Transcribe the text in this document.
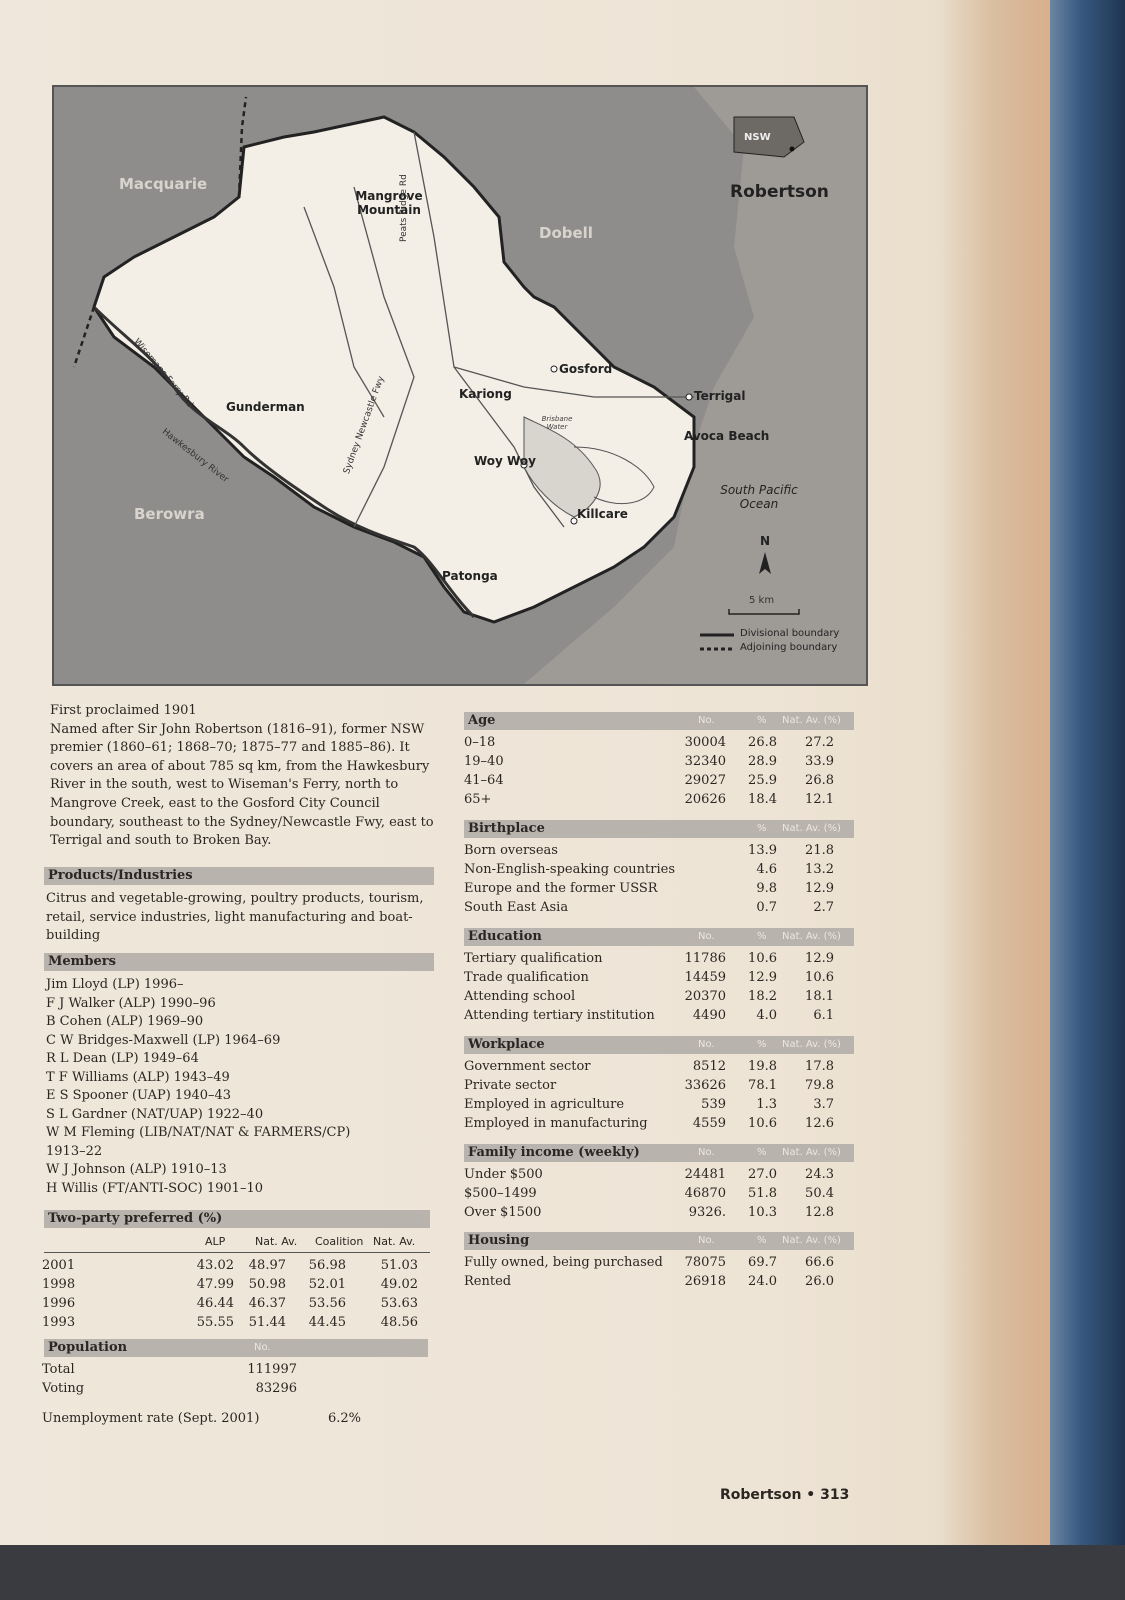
NSW
Robertson
Macquarie
Dobell
Berowra
Mangrove Mountain
Gosford
Kariong	Terrigal
Avoca Beach
Gunderman
Woy Woy
Killcare
Patonga
Peats Ridge Rd
Wisemans Ferry Rd
Hawkesbury River	Sydney Newcastle Fwy	Brisbane Water
South Pacific Ocean
N
5 km
Divisional boundary
Adjoining boundary

First proclaimed 1901

Named after Sir John Robertson (1816–91), former NSW premier (1860–61; 1868–70; 1875–77 and 1885–86). It covers an area of about 785 sq km, from the Hawkesbury River in the south, west to Wiseman's Ferry, north to Mangrove Creek, east to the Gosford City Council boundary, southeast to the Sydney/Newcastle Fwy, east to Terrigal and south to Broken Bay.

Products/Industries
Citrus and vegetable-growing, poultry products, tourism, retail, service industries, light manufacturing and boat-building
Members
Jim Lloyd (LP) 1996–
F J Walker (ALP) 1990–96
B Cohen (ALP) 1969–90
C W Bridges-Maxwell (LP) 1964–69
R L Dean (LP) 1949–64
T F Williams (ALP) 1943–49
E S Spooner (UAP) 1940–43
S L Gardner (NAT/UAP) 1922–40
W M Fleming (LIB/NAT/NAT & FARMERS/CP)
1913–22
W J Johnson (ALP) 1910–13
H Willis (FT/ANTI-SOC) 1901–10
Two-party preferred (%)
ALP	Nat. Av. Coalition Nat. Av.
2001	43.02 48.97 56.98	51.03
1998	47.99 50.98 52.01	49.02
1996	46.44 46.37 53.56	53.63
1993	55.55 51.44 44.45	48.56
Population	No.
Total	111997
Voting	83296
Unemployment rate (Sept. 2001)	6.2%
Age	No.	% Nat. Av. (%)
0–18	30004 26.8 27.2
19–40	32340 28.9 33.9
41–64	29027 25.9 26.8
65+	20626 18.4 12.1
Birthplace	% Nat. Av. (%)
Born overseas	13.9 21.8
Non-English-speaking countries	4.6 13.2
Europe and the former USSR	9.8 12.9
South East Asia	0.7	2.7
Education	No.	% Nat. Av. (%)
Tertiary qualification	11786 10.6 12.9
Trade qualification	14459 12.9 10.6
Attending school	20370 18.2 18.1
Attending tertiary institution	4490 4.0	6.1
Workplace	No.	% Nat. Av. (%)
Government sector	8512 19.8 17.8
Private sector	33626 78.1 79.8
Employed in agriculture	539 1.3	3.7
Employed in manufacturing	4559 10.6 12.6
Family income (weekly)	No.	% Nat. Av. (%)
Under $500	24481 27.0 24.3
$500–1499	46870 51.8 50.4
Over $1500	9326. 10.3 12.8
Housing	No.	% Nat. Av. (%)
Fully owned, being purchased 78075 69.7 66.6
Rented	26918 24.0 26.0
Robertson • 313
